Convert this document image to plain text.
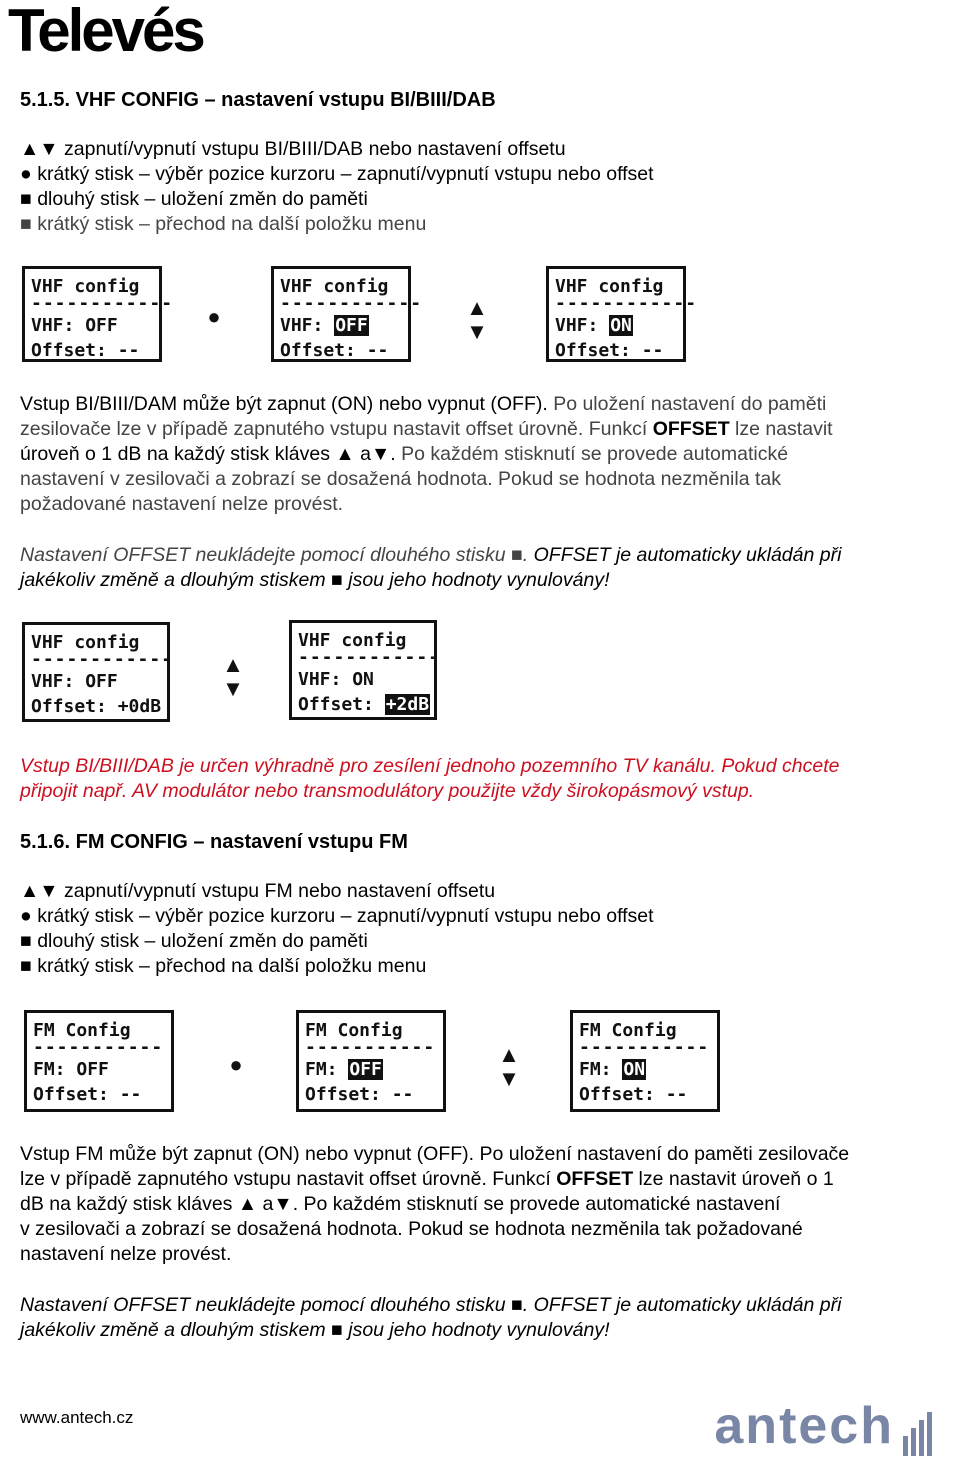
Televés
5.1.5. VHF CONFIG – nastavení vstupu BI/BIII/DAB
▲▼ zapnutí/vypnutí vstupu BI/BIII/DAB nebo nastavení offsetu
● krátký stisk – výběr pozice kurzoru – zapnutí/vypnutí vstupu nebo offset
■ dlouhý stisk – uložení změn do paměti
■ krátký stisk – přechod na další položku menu
VHF config
------------
VHF: OFF
Offset: --
●
VHF config
------------
VHF: OFF
Offset: --
▲
▼
VHF config
------------
VHF: ON
Offset: --
Vstup BI/BIII/DAM může být zapnut (ON) nebo vypnut (OFF). Po uložení nastavení do paměti
zesilovače lze v případě zapnutého vstupu nastavit offset úrovně. Funkcí OFFSET lze nastavit
úroveň o 1 dB na každý stisk kláves ▲ a▼. Po každém stisknutí se provede automatické
nastavení v zesilovači a zobrazí se dosažená hodnota. Pokud se hodnota nezměnila tak
požadované nastavení nelze provést.
Nastavení OFFSET neukládejte pomocí dlouhého stisku ■. OFFSET je automaticky ukládán při
jakékoliv změně a dlouhým stiskem ■ jsou jeho hodnoty vynulovány!
VHF config
------------
VHF: OFF
Offset: +0dB
▲
▼
VHF config
------------
VHF: ON
Offset: +2dB
Vstup BI/BIII/DAB je určen výhradně pro zesílení jednoho pozemního TV kanálu. Pokud chcete
připojit např. AV modulátor nebo transmodulátory použijte vždy širokopásmový vstup.
5.1.6. FM CONFIG – nastavení vstupu FM
▲▼ zapnutí/vypnutí vstupu FM nebo nastavení offsetu
● krátký stisk – výběr pozice kurzoru – zapnutí/vypnutí vstupu nebo offset
■ dlouhý stisk – uložení změn do paměti
■ krátký stisk – přechod na další položku menu
FM Config
-----------
FM: OFF
Offset: --
●
FM Config
-----------
FM: OFF
Offset: --
▲
▼
FM Config
-----------
FM: ON
Offset: --
Vstup FM může být zapnut (ON) nebo vypnut (OFF). Po uložení nastavení do paměti zesilovače
lze v případě zapnutého vstupu nastavit offset úrovně. Funkcí OFFSET lze nastavit úroveň o 1
dB na každý stisk kláves ▲ a▼. Po každém stisknutí se provede automatické nastavení
v zesilovači a zobrazí se dosažená hodnota. Pokud se hodnota nezměnila tak požadované
nastavení nelze provést.
Nastavení OFFSET neukládejte pomocí dlouhého stisku ■. OFFSET je automaticky ukládán při
jakékoliv změně a dlouhým stiskem ■ jsou jeho hodnoty vynulovány!
www.antech.cz	antech
